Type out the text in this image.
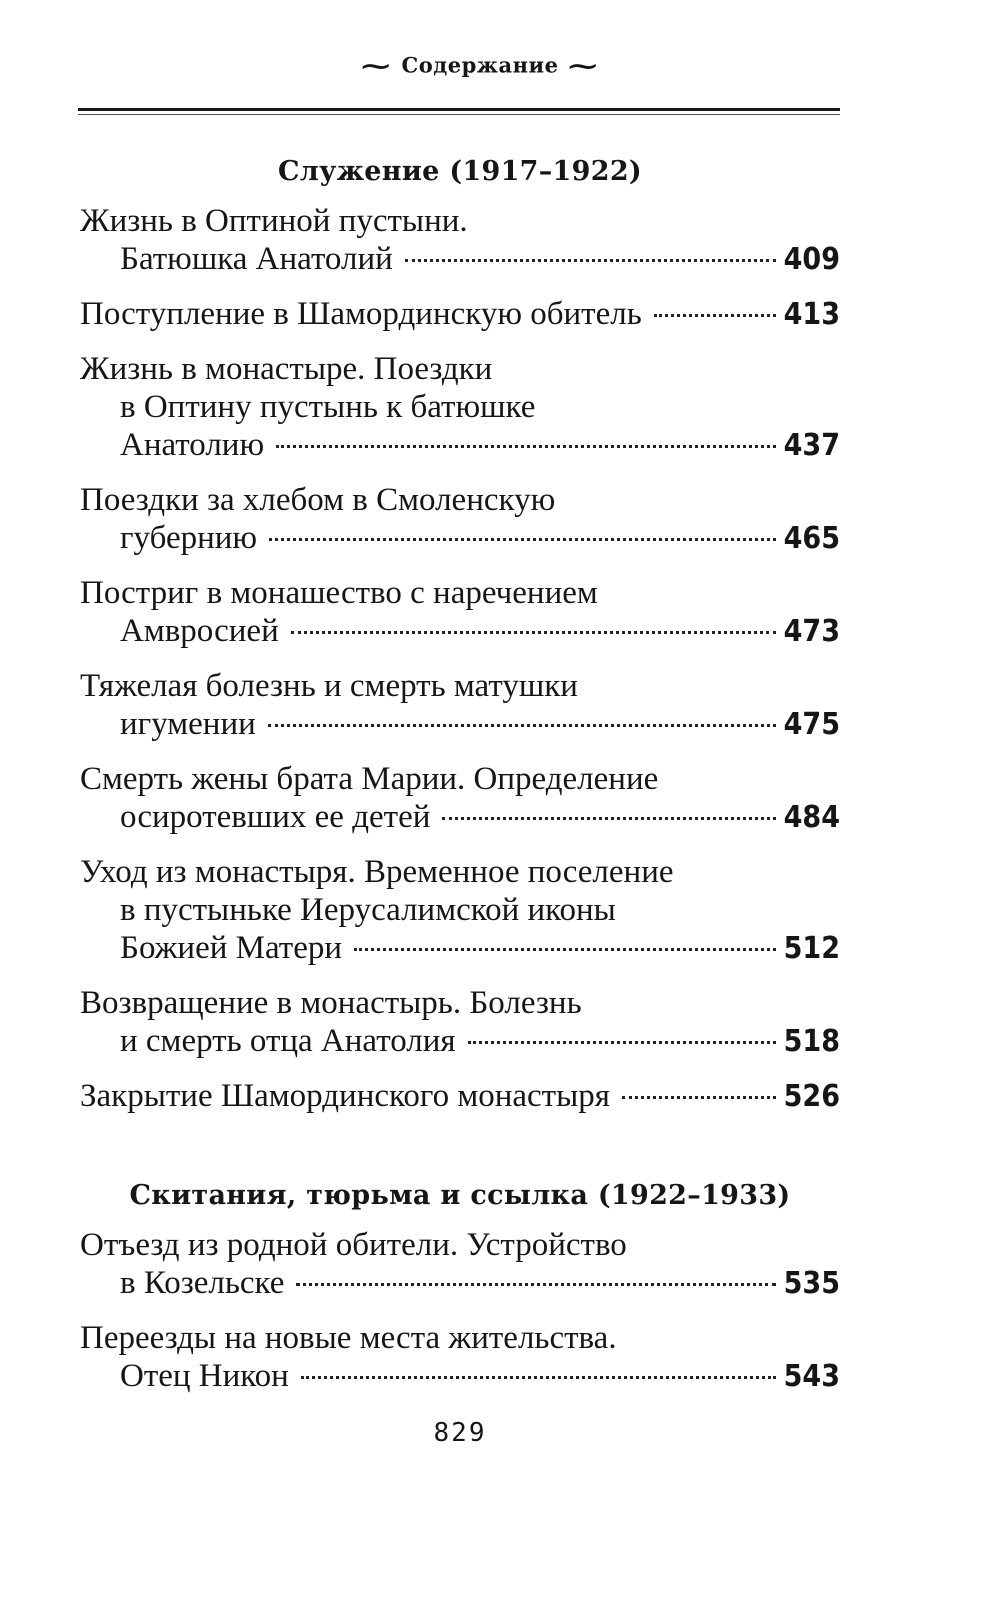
~ Содержание ~
Служение (1917–1922)
Жизнь в Оптиной пустыни.
Батюшка Анатолий	409
Поступление в Шамординскую обитель	413
Жизнь в монастыре. Поездки
в Оптину пустынь к батюшке
Анатолию	437
Поездки за хлебом в Смоленскую
губернию	465
Постриг в монашество с наречением
Амвросией	473
Тяжелая болезнь и смерть матушки
игумении	475
Смерть жены брата Марии. Определение
осиротевших ее детей	484
Уход из монастыря. Временное поселение
в пустыньке Иерусалимской иконы
Божией Матери	512
Возвращение в монастырь. Болезнь
и смерть отца Анатолия	518
Закрытие Шамординского монастыря	526
Скитания, тюрьма и ссылка (1922–1933)
Отъезд из родной обители. Устройство
в Козельске	535
Переезды на новые места жительства.
Отец Никон	543
829
